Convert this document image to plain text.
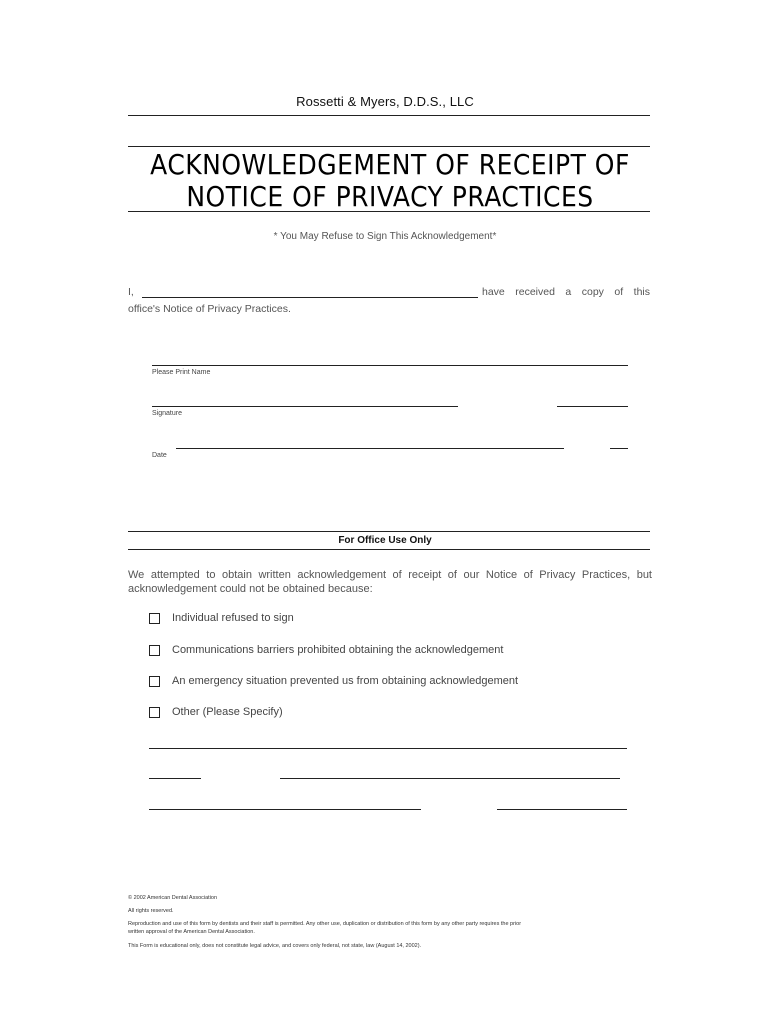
Rossetti & Myers, D.D.S., LLC
ACKNOWLEDGEMENT OF RECEIPT OF
NOTICE OF PRIVACY PRACTICES
* You May Refuse to Sign This Acknowledgement*
I,	have received a copy of this
office's Notice of Privacy Practices.
Please Print Name
Signature
Date
For Office Use Only
We attempted to obtain written acknowledgement of receipt of our Notice of Privacy Practices, but acknowledgement could not be obtained because:
Individual refused to sign
Communications barriers prohibited obtaining the acknowledgement
An emergency situation prevented us from obtaining acknowledgement
Other (Please Specify)
© 2002 American Dental Association
All rights reserved.
Reproduction and use of this form by dentists and their staff is permitted. Any other use, duplication or distribution of this form by any other party requires the prior
written approval of the American Dental Association.
This Form is educational only, does not constitute legal advice, and covers only federal, not state, law (August 14, 2002).
